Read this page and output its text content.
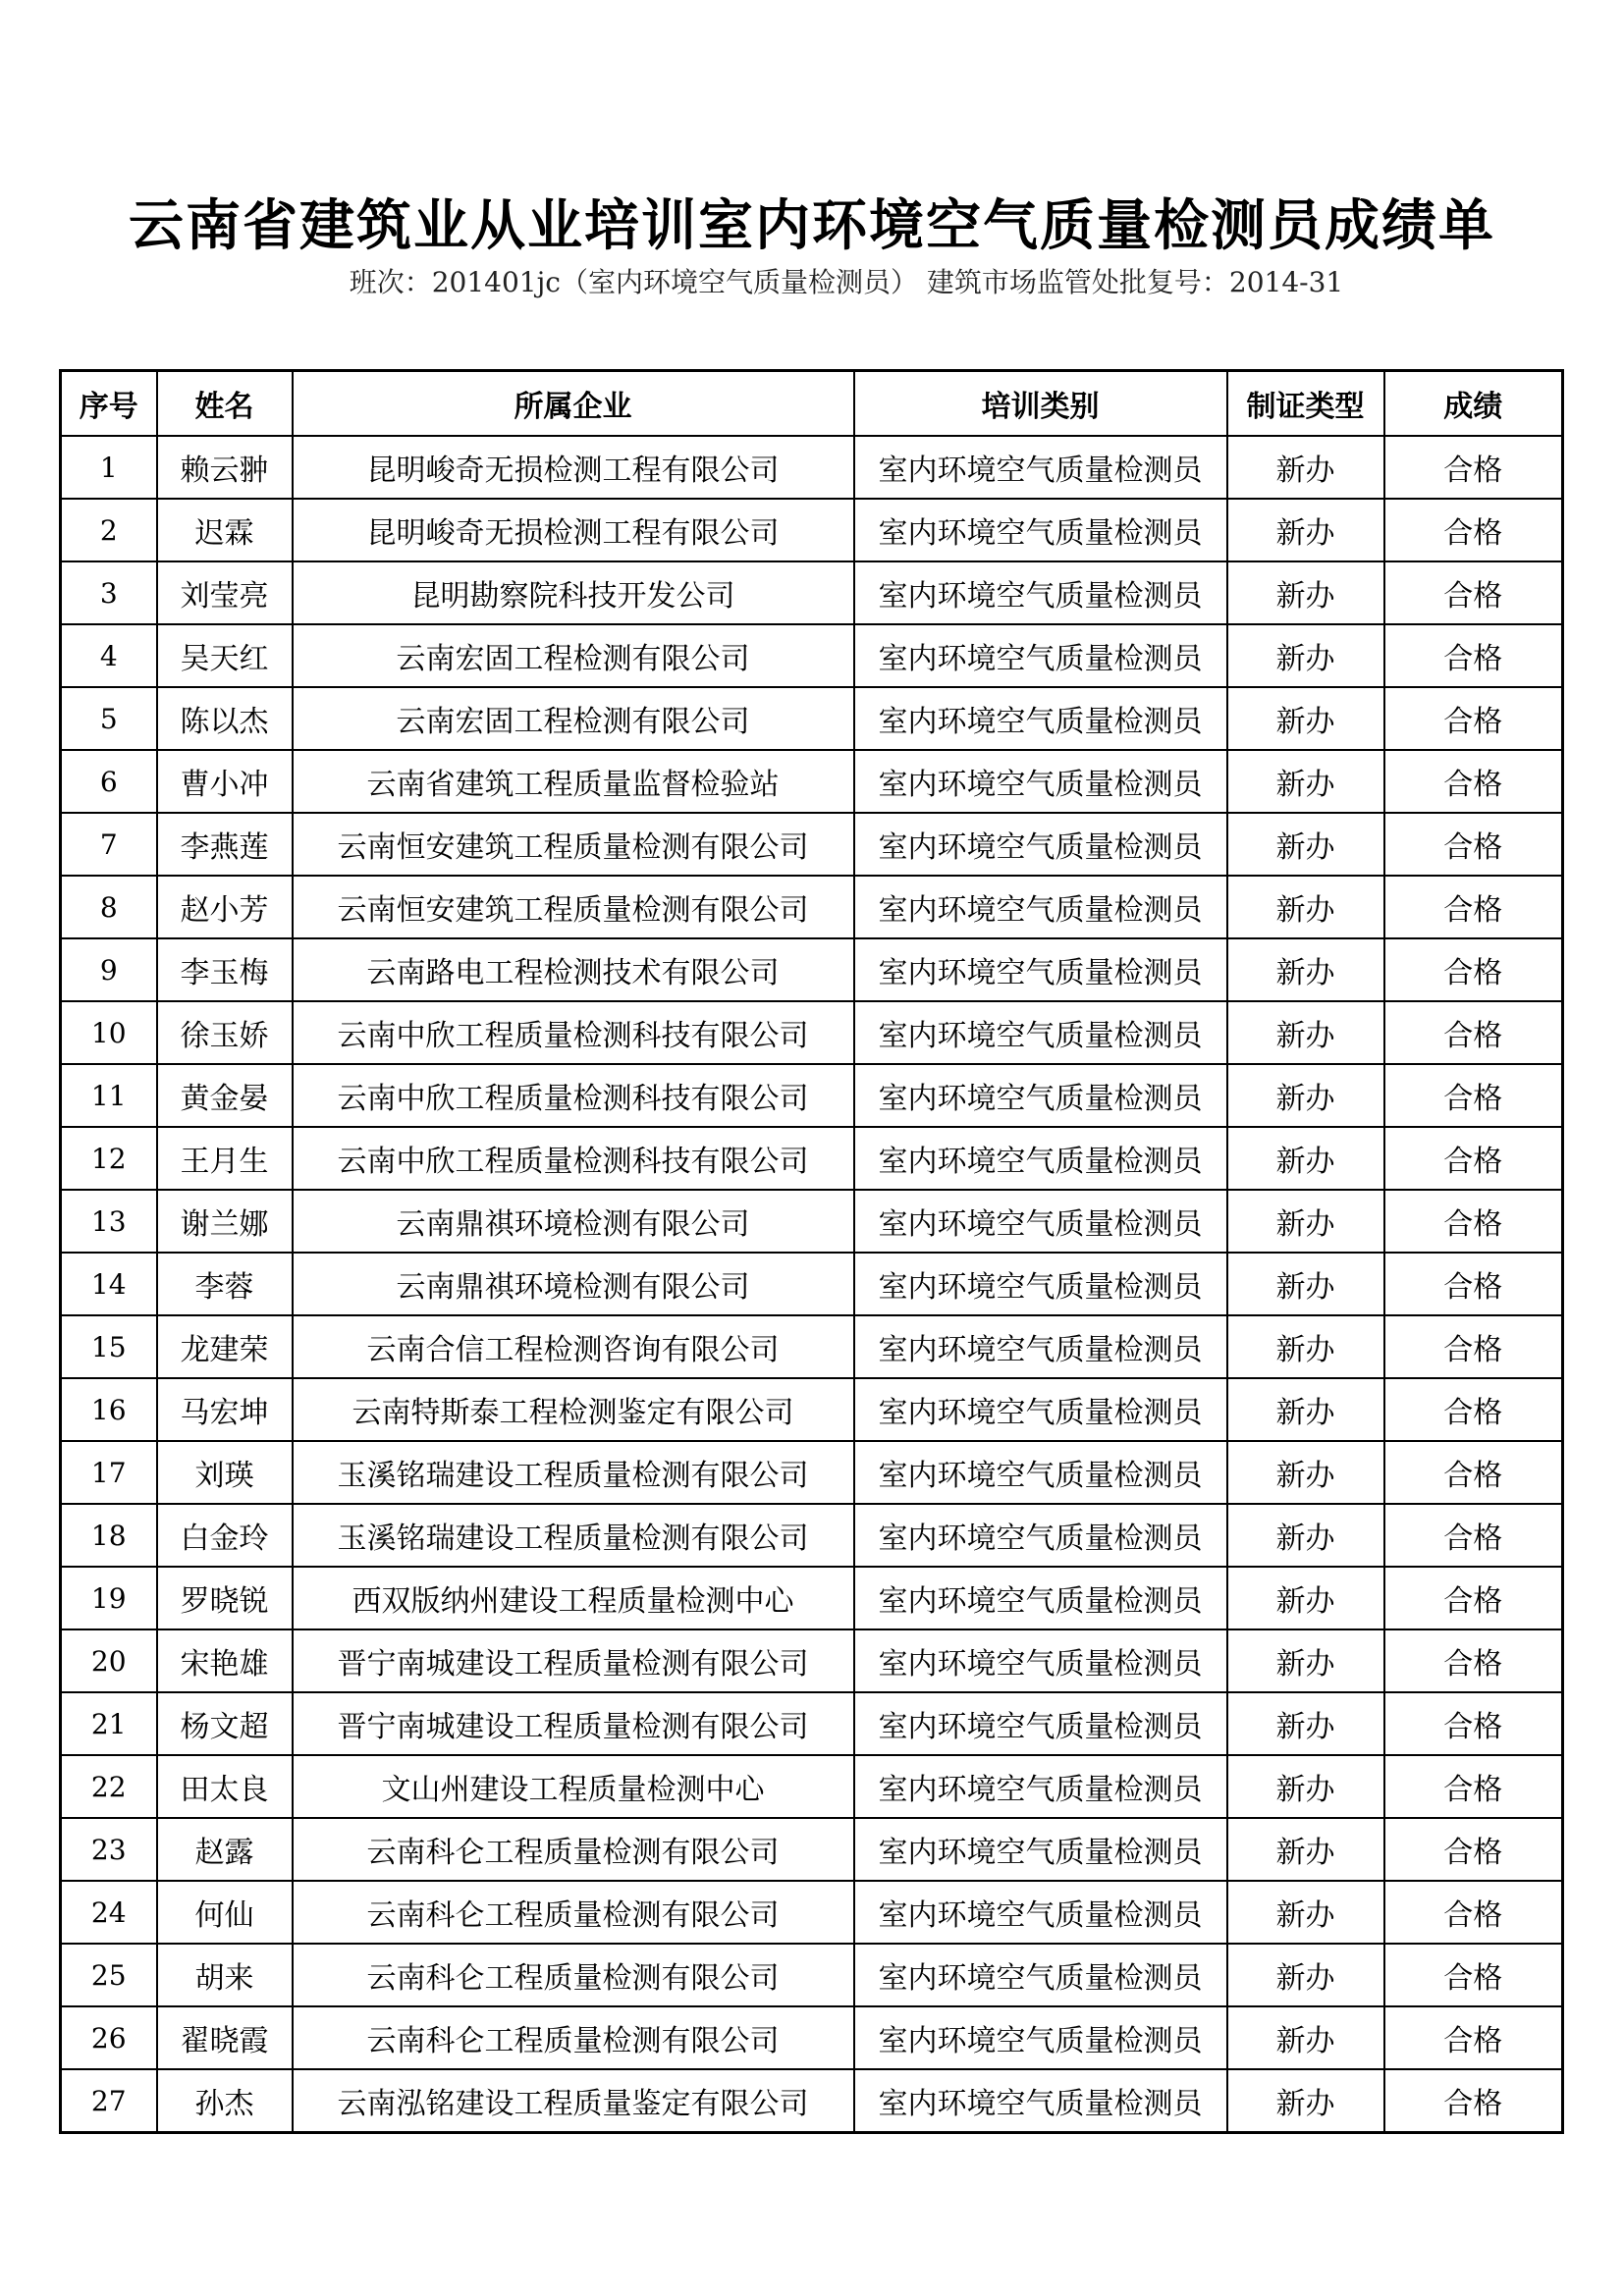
云南省建筑业从业培训室内环境空气质量检测员成绩单
班次：201401jc（室内环境空气质量检测员） 建筑市场监管处批复号：2014-31
序号	姓名	所属企业	培训类别	制证类型	成绩
1	赖云翀	昆明峻奇无损检测工程有限公司	室内环境空气质量检测员	新办	合格
2	迟霖	昆明峻奇无损检测工程有限公司	室内环境空气质量检测员	新办	合格
3	刘莹亮	昆明勘察院科技开发公司	室内环境空气质量检测员	新办	合格
4	吴天红	云南宏固工程检测有限公司	室内环境空气质量检测员	新办	合格
5	陈以杰	云南宏固工程检测有限公司	室内环境空气质量检测员	新办	合格
6	曹小冲	云南省建筑工程质量监督检验站	室内环境空气质量检测员	新办	合格
7	李燕莲	云南恒安建筑工程质量检测有限公司	室内环境空气质量检测员	新办	合格
8	赵小芳	云南恒安建筑工程质量检测有限公司	室内环境空气质量检测员	新办	合格
9	李玉梅	云南路电工程检测技术有限公司	室内环境空气质量检测员	新办	合格
10	徐玉娇	云南中欣工程质量检测科技有限公司	室内环境空气质量检测员	新办	合格
11	黄金晏	云南中欣工程质量检测科技有限公司	室内环境空气质量检测员	新办	合格
12	王月生	云南中欣工程质量检测科技有限公司	室内环境空气质量检测员	新办	合格
13	谢兰娜	云南鼎祺环境检测有限公司	室内环境空气质量检测员	新办	合格
14	李蓉	云南鼎祺环境检测有限公司	室内环境空气质量检测员	新办	合格
15	龙建荣	云南合信工程检测咨询有限公司	室内环境空气质量检测员	新办	合格
16	马宏坤	云南特斯泰工程检测鉴定有限公司	室内环境空气质量检测员	新办	合格
17	刘瑛	玉溪铭瑞建设工程质量检测有限公司	室内环境空气质量检测员	新办	合格
18	白金玲	玉溪铭瑞建设工程质量检测有限公司	室内环境空气质量检测员	新办	合格
19	罗晓锐	西双版纳州建设工程质量检测中心	室内环境空气质量检测员	新办	合格
20	宋艳雄	晋宁南城建设工程质量检测有限公司	室内环境空气质量检测员	新办	合格
21	杨文超	晋宁南城建设工程质量检测有限公司	室内环境空气质量检测员	新办	合格
22	田太良	文山州建设工程质量检测中心	室内环境空气质量检测员	新办	合格
23	赵露	云南科仑工程质量检测有限公司	室内环境空气质量检测员	新办	合格
24	何仙	云南科仑工程质量检测有限公司	室内环境空气质量检测员	新办	合格
25	胡来	云南科仑工程质量检测有限公司	室内环境空气质量检测员	新办	合格
26	翟晓霞	云南科仑工程质量检测有限公司	室内环境空气质量检测员	新办	合格
27	孙杰	云南泓铭建设工程质量鉴定有限公司	室内环境空气质量检测员	新办	合格
